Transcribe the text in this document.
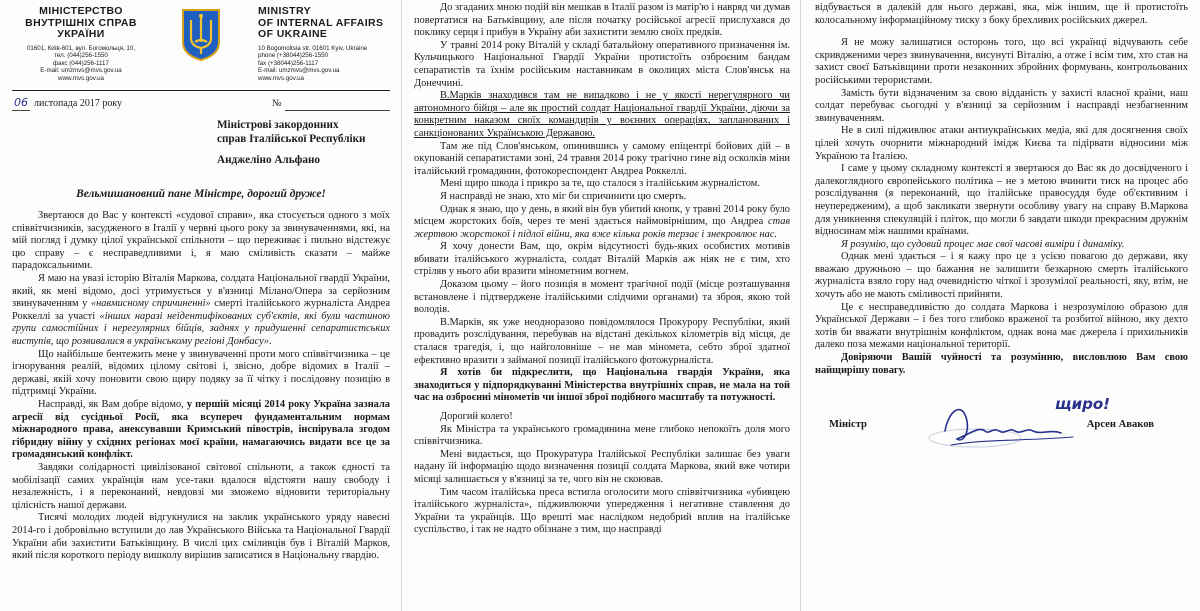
МІНІСТЕРСТВО
ВНУТРІШНІХ СПРАВ
УКРАЇНИ
01601, Київ-601, вул. Богомольця, 10,
тел. (044)256-1550
факс (044)256-1117
E-mail: umzmvs@mvs.gov.ua
www.mvs.gov.ua
MINISTRY
OF INTERNAL AFFAIRS
OF UKRAINE
10 Bogomoltsia str. 01601 Kyiv, Ukraine
phone (+38044)256-1550
fax (+38044)256-1117
E-mail: umzmvs@mvs.gov.ua
www.mvs.gov.ua
06 листопада 2017 року	№
Міністрові закордонних
справ Італійської Республіки
Анджеліно Альфано
Вельмишановний пане Міністре, дорогий друже!

Звертаюся до Вас у контексті «судової справи», яка стосується одного з моїх співвітчизників, засудженого в Італії у червні цього року за звинуваченнями, які, на мій погляд і думку цілої української спільноти – що переживає і пильно відстежує цю справу – є несправедливими і, я маю сміливість сказати – майже парадоксальними.

Я маю на увазі історію Віталія Маркова, солдата Національної гвардії України, який, як мені відомо, досі утримується у в'язниці Мілано/Опера за серйозним звинуваченням у «навмисному спричиненні» смерті італійського журналіста Андреа Роккеллі за участі «інших наразі неідентифікованих суб'єктів, які були частиною групи самостійних і нерегулярних бійців, заднях у придушенні сепаратистських виступів, що розвивалися в українському регіоні Донбасу».

Що найбільше бентежить мене у звинуваченні проти мого співвітчизника – це ігнорування реалій, відомих цілому світові і, звісно, добре відомих в Італії – державі, якій хочу поновити свою щиру подяку за її чітку і послідовну позицію в підтримці України.

Насправді, як Вам добре відомо, у першій місяці 2014 року Україна зазнала агресії від сусідньої Росії, яка всупереч фундаментальним нормам міжнародного права, анексувавши Кримський півострів, інспірувала згодом гібридну війну у східних регіонах моєї країни, намагаючись видати все це за громадянський конфлікт.

Завдяки солідарності цивілізованої світової спільноти, а також єдності та мобілізації самих українців нам усе-таки вдалося відстояти нашу свободу і незалежність, і я переконаний, невдовзі ми зможемо відновити територіальну цілісність нашої держави.

Тисячі молодих людей відгукнулися на заклик українського уряду навесні 2014-го і добровільно вступили до лав Українського Війська та Національної Гвардії України аби захистити Батьківщину. В числі цих сміливців був і Віталій Марков, який після короткого періоду вишколу вирішив записатися в Національну гвардію.

До згаданих мною подій він мешкав в Італії разом із матір'ю і навряд чи думав повертатися на Батьківщину, але після початку російської агресії прислухався до поклику серця і прибув в Україну аби захистити землю своїх предків.

У травні 2014 року Віталій у складі батальйону оперативного призначення ім. Кульчицького Національної Гвардії України протистоїть озброєним бандам сепаратистів та їхнім російським наставникам в околицях міста Слов'янськ на Донеччині.

В.Марків знаходився там не випадково і не у якості нерегулярного чи автономного бійця – але як простий солдат Національної гвардії України, діючи за конкретним наказом своїх командирів у воєнних операціях, запланованих і санкціонованих Українською Державою.

Там же під Слов'янськом, опинившись у самому епіцентрі бойових дій – в окупованій сепаратистами зоні, 24 травня 2014 року трагічно гине від осколків міни італійський громадянин, фотокореспондент Андреа Роккеллі.

Мені щиро шкода і прикро за те, що сталося з італійським журналістом.

Я насправді не знаю, хто міг би спричинити цю смерть.

Однак я знаю, що у день, в який він був убитий кнопк, у травні 2014 року було місцем жорстоких боїв, через те мені здається наймовірнішим, що Андреа став жертвою жорстокої і підлої війни, яка вже кілька років терзає і знекровлює нас.

Я хочу донести Вам, що, окрім відсутності будь-яких особистих мотивів вбивати італійського журналіста, солдат Віталій Марків аж ніяк не є тим, хто стріляв у нього аби вразити мінометним вогнем.

Доказом цьому – його позиція в момент трагічної події (місце розташування встановлене і підтверджене італійськими слідчими органами) та зброя, якою той володів.

В.Марків, як уже неодноразово повідомлялося Прокурору Республіки, який провадить розслідування, перебував на відстані декількох кілометрів від місця, де сталася трагедія, і, що найголовніше – не мав міномета, себто зброї здатної ефективно вразити з займаної позиції італійського фотожурналіста.

Я хотів би підкреслити, що Національна гвардія України, яка знаходиться у підпорядкуванні Міністерства внутрішніх справ, не мала на той час на озброєнні мінометів чи іншої зброї подібного масштабу та потужності.

Дорогий колего!

Як Міністра та українського громадянина мене глибоко непокоїть доля мого співвітчизника.

Мені видається, що Прокуратура Італійської Республіки залишає без уваги надану їй інформацію щодо визначення позиції солдата Маркова, який вже чотири місяці залишається у в'язниці за те, чого він не скоював.

Тим часом італійська преса встигла оголосити мого співвітчизника «убивцею італійського журналіста», підживлюючи упередження і негативне ставлення до України та українців. Що врешті має наслідком недобрий вплив на італійське суспільство, і так не надто обізнане з тим, що насправді

відбувається в далекій для нього державі, яка, між іншим, ще й протистоїть колосальному інформаційному тиску з боку брехливих російських джерел.

Я не можу залишатися осторонь того, що всі українці відчувають себе скривдженими через звинувачення, висунуті Віталію, а отже і всім тим, хто став на захист своєї Батьківщини проти незаконних збройних формувань, контрольованих російськими терористами.

Замість бути відзначеним за свою відданість у захисті власної країни, наш солдат перебуває сьогодні у в'язниці за серйозним і насправді незбагненним звинуваченням.

Не в силі підживлює атаки антиукраїнських медіа, які для досягнення своїх цілей хочуть очорнити міжнародний імідж Києва та підірвати відносини між Україною та Італією.

І саме у цьому складному контексті я звертаюся до Вас як до досвідченого і далекоглядного європейського політика – не з метою вчинити тиск на процес або розслідування (я переконаний, що італійське правосуддя буде об'єктивним і неупередженим), а щоб закликати звернути особливу увагу на справу В.Маркова для уникнення спекуляцій і пліток, що могли б завдати шкоди прекрасним дружнім відносинам між нашими країнами.

Я розумію, що судовий процес має свої часові виміри і динаміку.

Однак мені здається – і я кажу про це з усією повагою до держави, яку вважаю дружньою – що бажання не залишити безкарною смерть італійського журналіста взяло гору над очевидністю чіткої і зрозумілої реальності, яку, втім, не хочуть або не мають сміливості прийняти.

Це є несправедливістю до солдата Маркова і незрозумілою образою для Української Держави – і без того глибоко враженої та розбитої війною, яку дехто хотів би вважати внутрішнім конфліктом, однак вона має джерела і прихильників далеко поза межами національної території.

Довіряючи Вашій чуйності та розумінню, висловлюю Вам свою найщирішу повагу.

щиро!
Міністр	Арсен Аваков
